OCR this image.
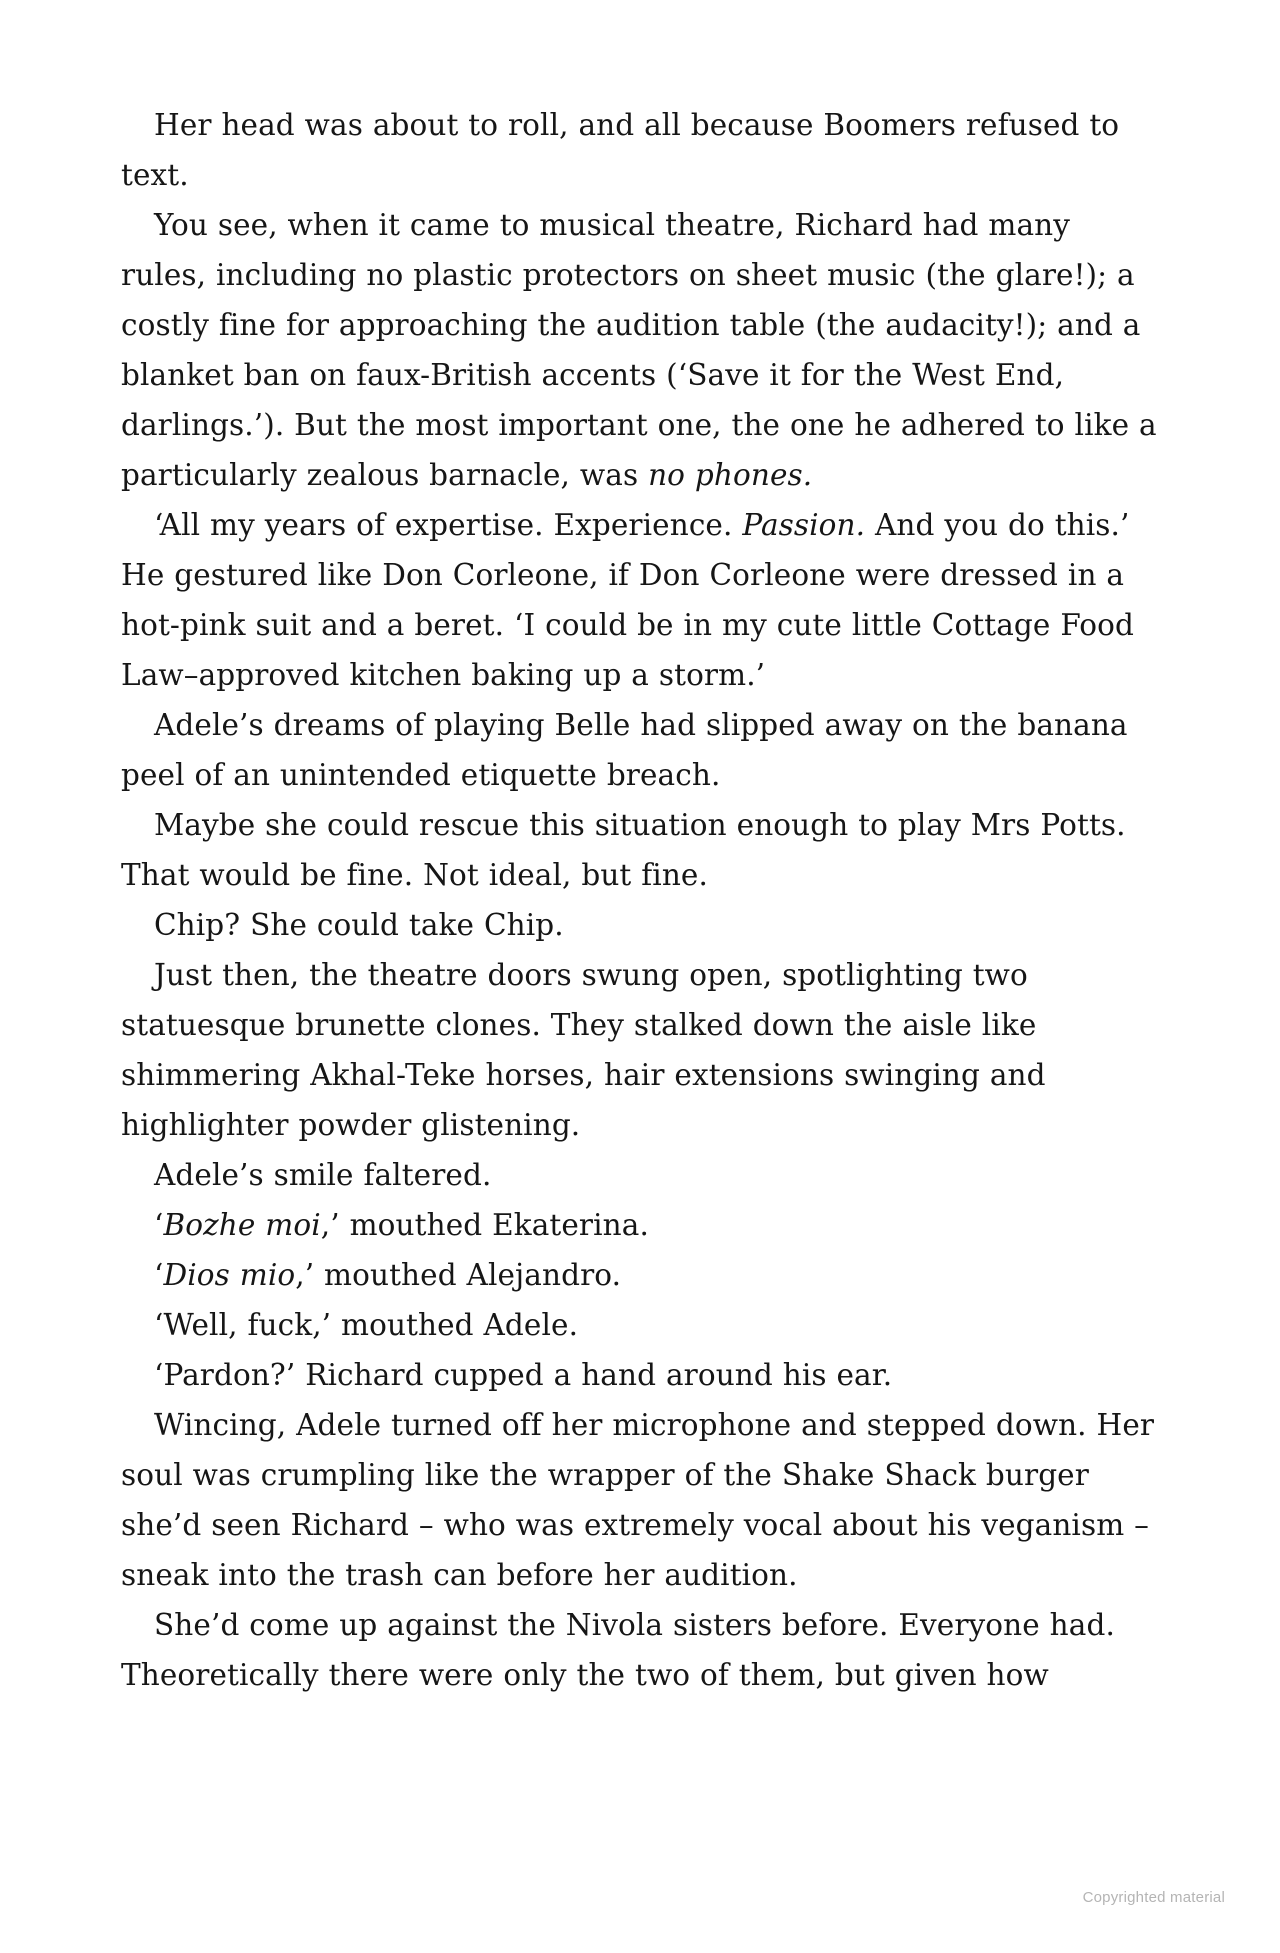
Her head was about to roll, and all because Boomers refused to text.

You see, when it came to musical theatre, Richard had many rules, including no plastic protectors on sheet music (the glare!); a costly fine for approaching the audition table (the audacity!); and a blanket ban on faux-British accents (‘Save it for the West End, darlings.’). But the most important one, the one he adhered to like a particularly zealous barnacle, was no phones.

‘All my years of expertise. Experience. Passion. And you do this.’ He gestured like Don Corleone, if Don Corleone were dressed in a hot-pink suit and a beret. ‘I could be in my cute little Cottage Food Law–approved kitchen baking up a storm.’

Adele’s dreams of playing Belle had slipped away on the banana peel of an unintended etiquette breach.

Maybe she could rescue this situation enough to play Mrs Potts. That would be fine. Not ideal, but fine.

Chip? She could take Chip.

Just then, the theatre doors swung open, spotlighting two statuesque brunette clones. They stalked down the aisle like shimmering Akhal-Teke horses, hair extensions swinging and highlighter powder glistening.

Adele’s smile faltered.

‘Bozhe moi,’ mouthed Ekaterina.

‘Dios mio,’ mouthed Alejandro.

‘Well, fuck,’ mouthed Adele.

‘Pardon?’ Richard cupped a hand around his ear.

Wincing, Adele turned off her microphone and stepped down. Her soul was crumpling like the wrapper of the Shake Shack burger she’d seen Richard – who was extremely vocal about his veganism – sneak into the trash can before her audition.

She’d come up against the Nivola sisters before. Everyone had. Theoretically there were only the two of them, but given how

Copyrighted material
